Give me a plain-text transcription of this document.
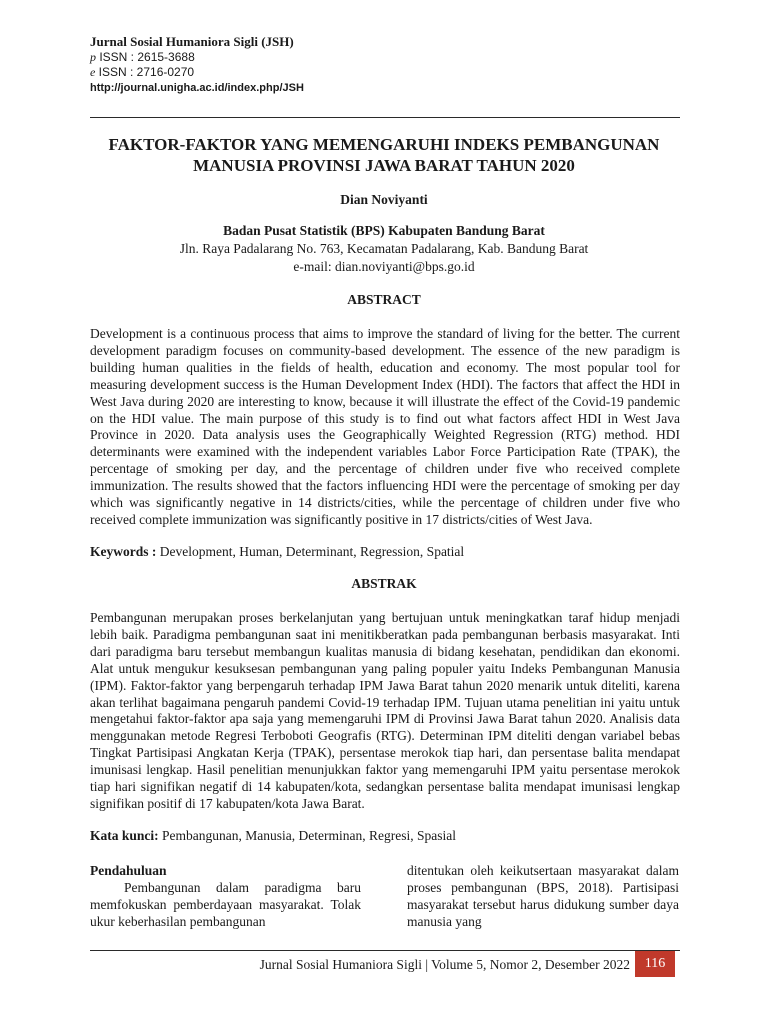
Jurnal Sosial Humaniora Sigli (JSH)
p ISSN : 2615-3688
e ISSN : 2716-0270
http://journal.unigha.ac.id/index.php/JSH
FAKTOR-FAKTOR YANG MEMENGARUHI INDEKS PEMBANGUNAN
MANUSIA PROVINSI JAWA BARAT TAHUN 2020
Dian Noviyanti
Badan Pusat Statistik (BPS) Kabupaten Bandung Barat
Jln. Raya Padalarang No. 763, Kecamatan Padalarang, Kab. Bandung Barat
e-mail: dian.noviyanti@bps.go.id
ABSTRACT
Development is a continuous process that aims to improve the standard of living for the better. The current development paradigm focuses on community-based development. The essence of the new paradigm is building human qualities in the fields of health, education and economy. The most popular tool for measuring development success is the Human Development Index (HDI). The factors that affect the HDI in West Java during 2020 are interesting to know, because it will illustrate the effect of the Covid-19 pandemic on the HDI value. The main purpose of this study is to find out what factors affect HDI in West Java Province in 2020. Data analysis uses the Geographically Weighted Regression (RTG) method. HDI determinants were examined with the independent variables Labor Force Participation Rate (TPAK), the percentage of smoking per day, and the percentage of children under five who received complete immunization. The results showed that the factors influencing HDI were the percentage of smoking per day which was significantly negative in 14 districts/cities, while the percentage of children under five who received complete immunization was significantly positive in 17 districts/cities of West Java.
Keywords : Development, Human, Determinant, Regression, Spatial
ABSTRAK
Pembangunan merupakan proses berkelanjutan yang bertujuan untuk meningkatkan taraf hidup menjadi lebih baik. Paradigma pembangunan saat ini menitikberatkan pada pembangunan berbasis masyarakat. Inti dari paradigma baru tersebut membangun kualitas manusia di bidang kesehatan, pendidikan dan ekonomi. Alat untuk mengukur kesuksesan pembangunan yang paling populer yaitu Indeks Pembangunan Manusia (IPM). Faktor-faktor yang berpengaruh terhadap IPM Jawa Barat tahun 2020 menarik untuk diteliti, karena akan terlihat bagaimana pengaruh pandemi Covid-19 terhadap IPM. Tujuan utama penelitian ini yaitu untuk mengetahui faktor-faktor apa saja yang memengaruhi IPM di Provinsi Jawa Barat tahun 2020. Analisis data menggunakan metode Regresi Terboboti Geografis (RTG). Determinan IPM diteliti dengan variabel bebas Tingkat Partisipasi Angkatan Kerja (TPAK), persentase merokok tiap hari, dan persentase balita mendapat imunisasi lengkap. Hasil penelitian menunjukkan faktor yang memengaruhi IPM yaitu persentase merokok tiap hari signifikan negatif di 14 kabupaten/kota, sedangkan persentase balita mendapat imunisasi lengkap signifikan positif di 17 kabupaten/kota Jawa Barat.
Kata kunci: Pembangunan, Manusia, Determinan, Regresi, Spasial
Pendahuluan
Pembangunan dalam paradigma baru memfokuskan pemberdayaan masyarakat. Tolak ukur keberhasilan pembangunan
ditentukan oleh keikutsertaan masyarakat dalam proses pembangunan (BPS, 2018). Partisipasi masyarakat tersebut harus didukung sumber daya manusia yang
Jurnal Sosial Humaniora Sigli | Volume 5, Nomor 2, Desember 2022	116
